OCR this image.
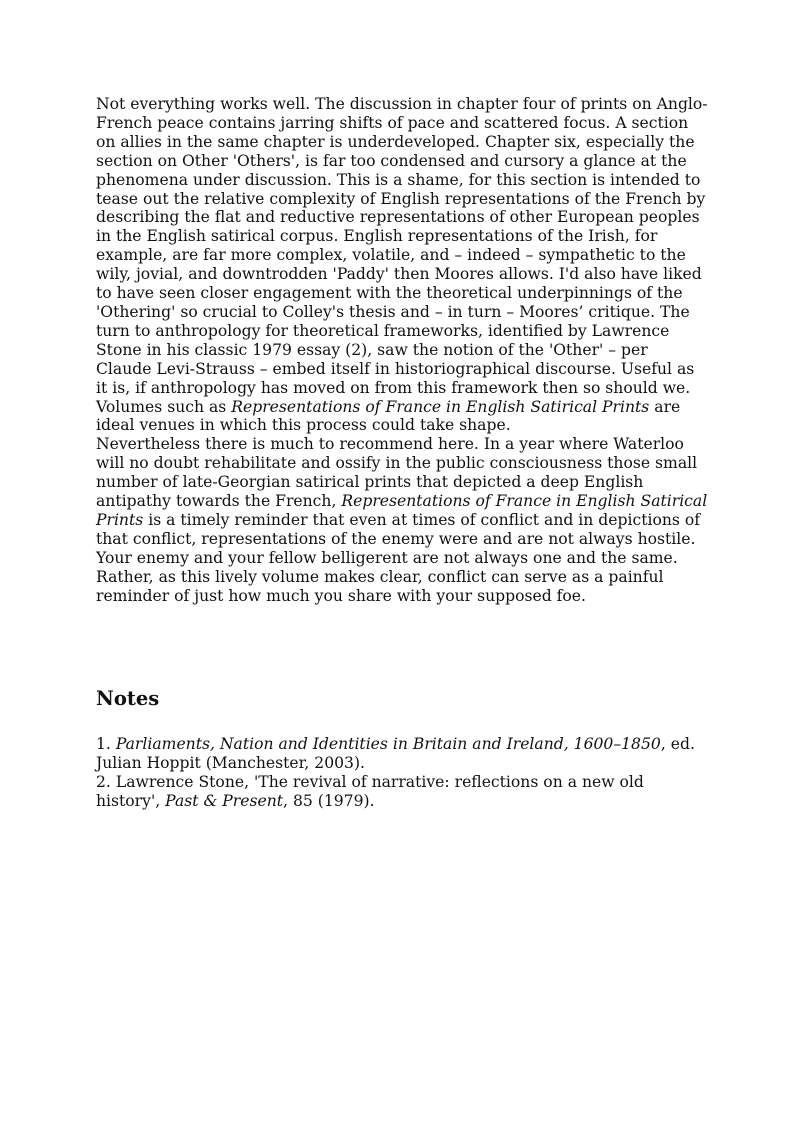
Not everything works well. The discussion in chapter four of prints on Anglo-French peace contains jarring shifts of pace and scattered focus. A section on allies in the same chapter is underdeveloped. Chapter six, especially the section on Other 'Others', is far too condensed and cursory a glance at the phenomena under discussion. This is a shame, for this section is intended to tease out the relative complexity of English representations of the French by describing the flat and reductive representations of other European peoples in the English satirical corpus. English representations of the Irish, for example, are far more complex, volatile, and – indeed – sympathetic to the wily, jovial, and downtrodden 'Paddy' then Moores allows. I'd also have liked to have seen closer engagement with the theoretical underpinnings of the 'Othering' so crucial to Colley's thesis and – in turn – Moores’ critique. The turn to anthropology for theoretical frameworks, identified by Lawrence Stone in his classic 1979 essay (2), saw the notion of the 'Other' – per Claude Levi-Strauss – embed itself in historiographical discourse. Useful as it is, if anthropology has moved on from this framework then so should we. Volumes such as Representations of France in English Satirical Prints are ideal venues in which this process could take shape.

Nevertheless there is much to recommend here. In a year where Waterloo will no doubt rehabilitate and ossify in the public consciousness those small number of late-Georgian satirical prints that depicted a deep English antipathy towards the French, Representations of France in English Satirical Prints is a timely reminder that even at times of conflict and in depictions of that conflict, representations of the enemy were and are not always hostile. Your enemy and your fellow belligerent are not always one and the same. Rather, as this lively volume makes clear, conflict can serve as a painful reminder of just how much you share with your supposed foe.

Notes

1. Parliaments, Nation and Identities in Britain and Ireland, 1600–1850, ed. Julian Hoppit (Manchester, 2003).

2. Lawrence Stone, 'The revival of narrative: reflections on a new old history', Past & Present, 85 (1979).
